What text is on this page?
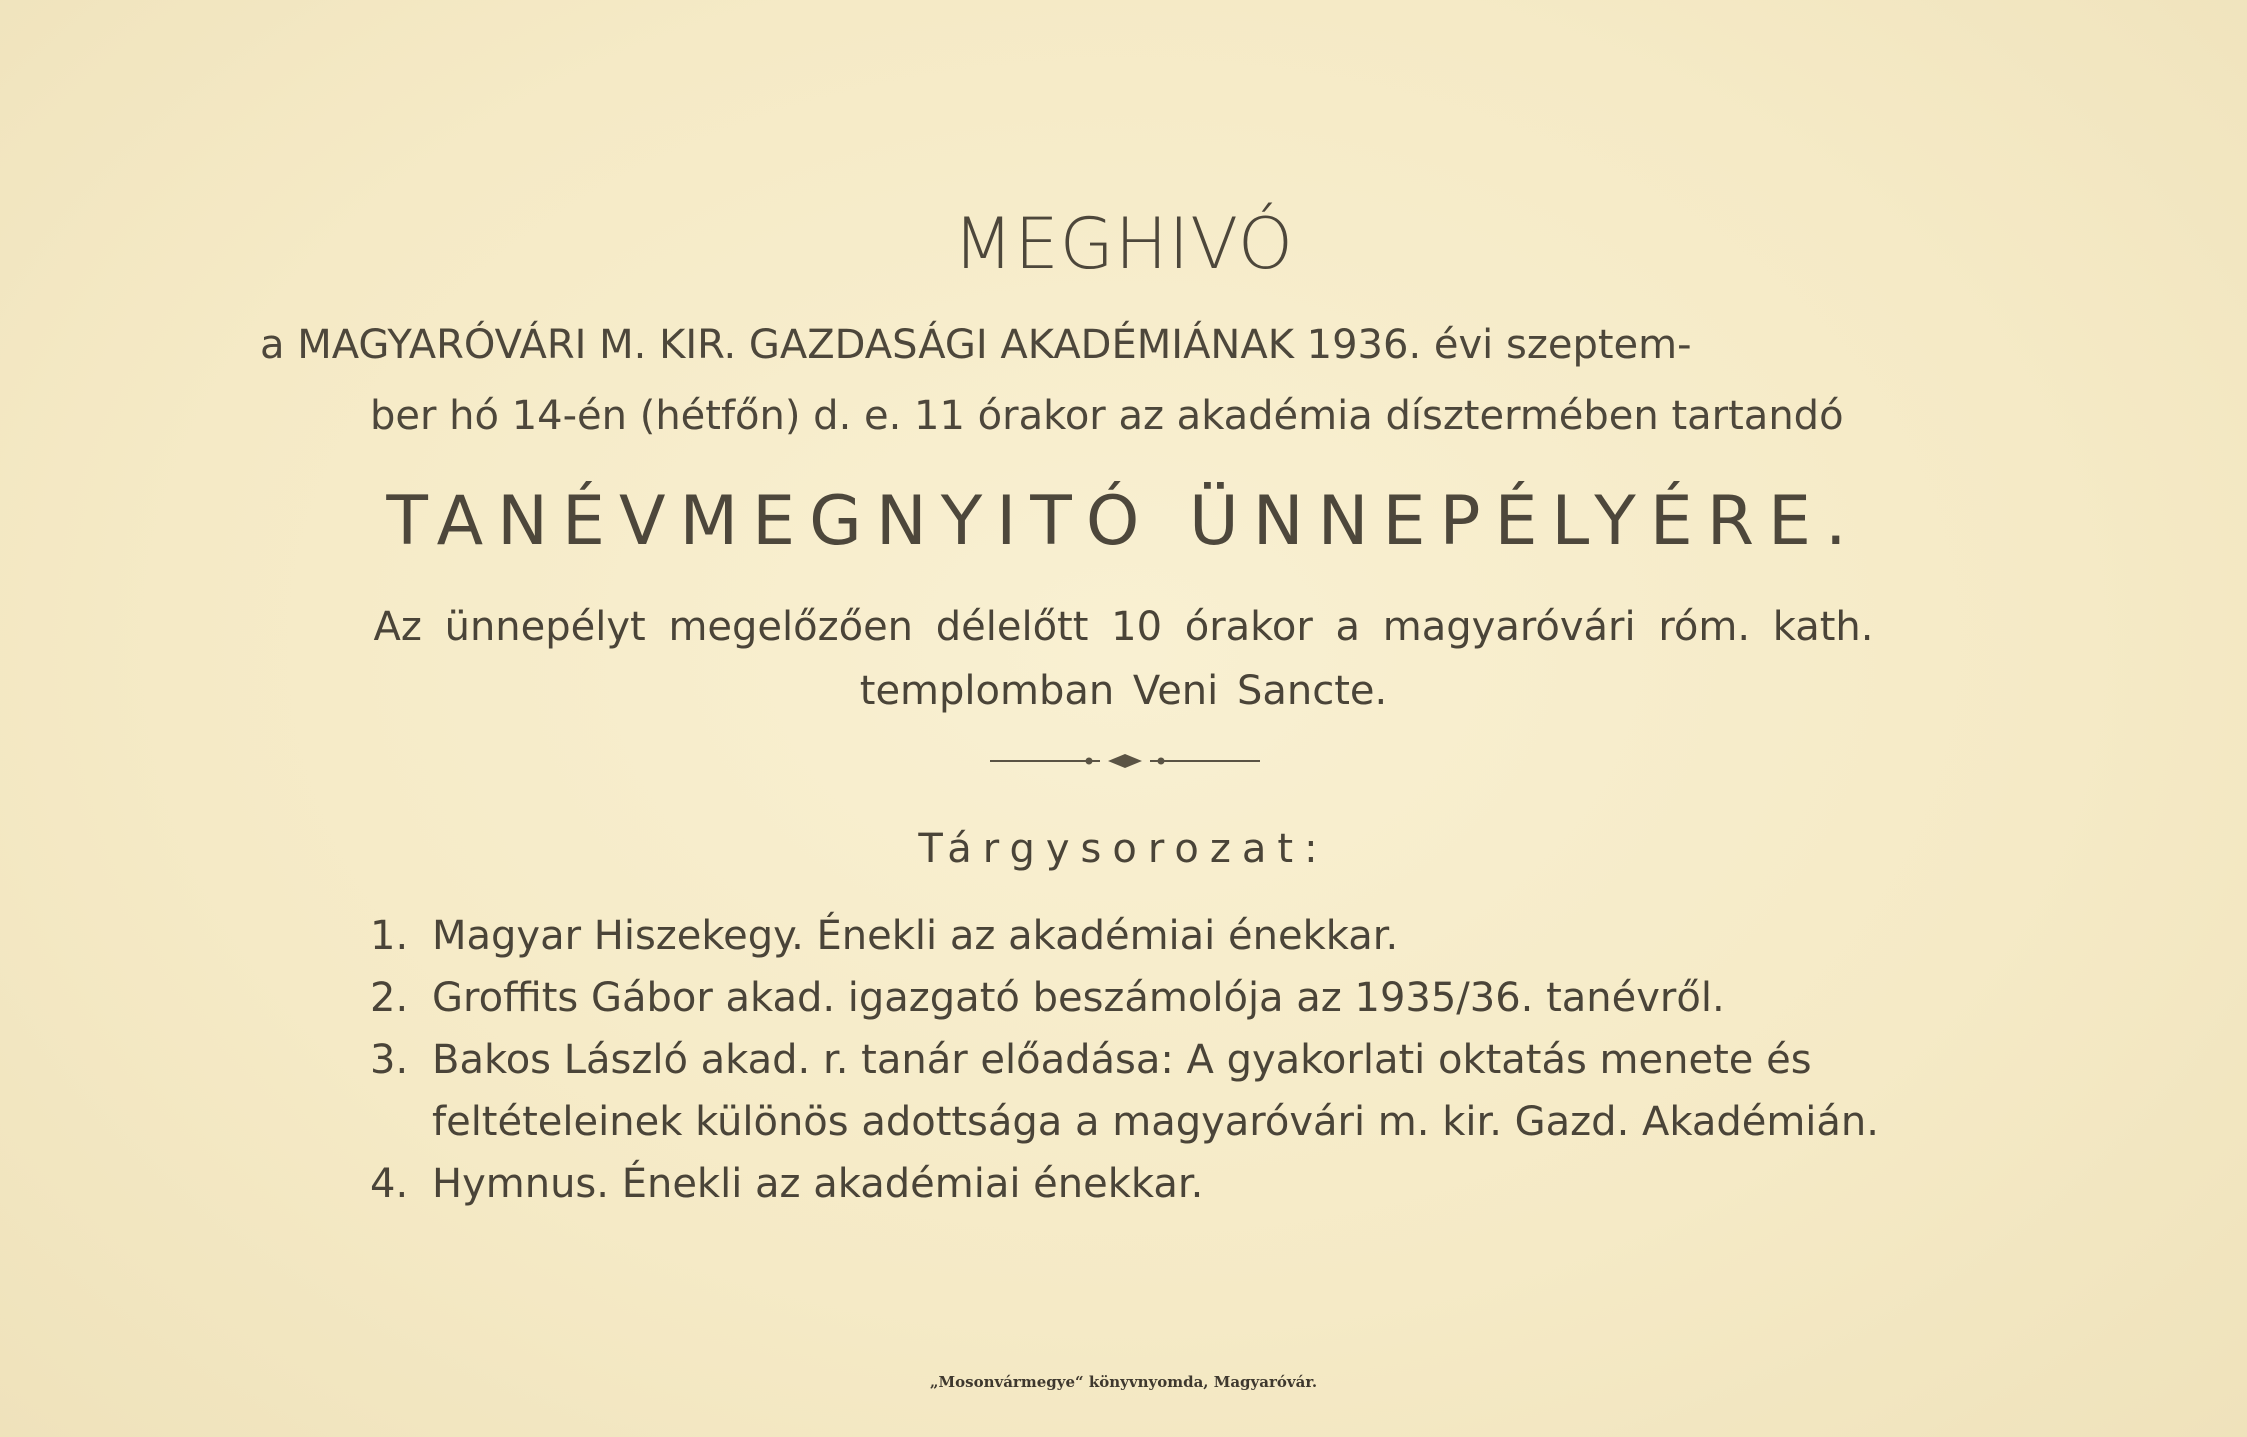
MEGHIVÓ
a MAGYARÓVÁRI M. KIR. GAZDASÁGI AKADÉMIÁNAK 1936. évi szeptem-
ber hó 14-én (hétfőn) d. e. 11 órakor az akadémia dísztermében tartandó
TANÉVMEGNYITÓ ÜNNEPÉLYÉRE.
Az ünnepélyt megelőzően délelőtt 10 órakor a magyaróvári róm. kath.
templomban Veni Sancte.
Tárgysorozat:
1. Magyar Hiszekegy. Énekli az akadémiai énekkar.
2. Groffits Gábor akad. igazgató beszámolója az 1935/36. tanévről.
3. Bakos László akad. r. tanár előadása: A gyakorlati oktatás menete és
feltételeinek különös adottsága a magyaróvári m. kir. Gazd. Akadémián.
4. Hymnus. Énekli az akadémiai énekkar.
„Mosonvármegye“ könyvnyomda, Magyaróvár.
